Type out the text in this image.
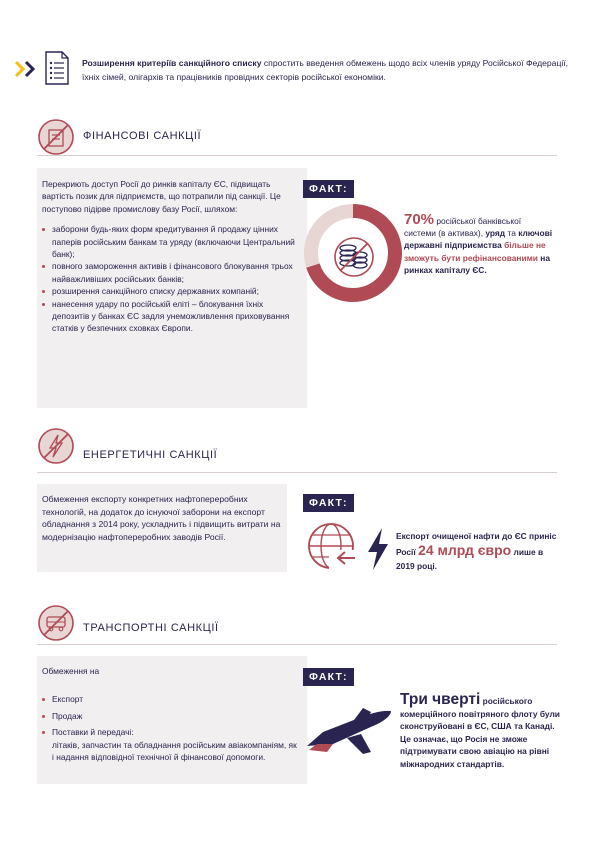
Розширення критеріїв санкційного списку спростить введення обмежень щодо всіх членів уряду Російської Федерації, їхніх сімей, олігархів та працівників провідних секторів російської економіки.

ФІНАНСОВІ САНКЦІЇ

Перекриють доступ Росії до ринків капіталу ЄС, підвищать вартість позик для підприємств, що потрапили під санкції. Це поступово підірве промислову базу Росії, шляхом:

заборони будь-яких форм кредитування й продажу цінних паперів російським банкам та уряду (включаючи Центральний банк);
повного замороження активів і фінансового блокування трьох найважливіших російських банків;
розширення санкційного списку державних компаній;
нанесення удару по російській еліті – блокування їхніх депозитів у банках ЄС задля унеможливлення приховування статків у безпечних сховках Європи.
ФАКТ:

70% російської банківської системи (в активах), уряд та ключові державні підприємства більше не зможуть бути рефінансованими на ринках капіталу ЄС.

ЕНЕРГЕТИЧНІ САНКЦІЇ

Обмеження експорту конкретних нафтопереробних технологій, на додаток до існуючої заборони на експорт обладнання з 2014 року, ускладнить і підвищить витрати на модернізацію нафтопереробних заводів Росії.

ФАКТ:

Експорт очищеної нафти до ЄС приніс Росії 24 млрд євро лише в 2019 році.

ТРАНСПОРТНІ САНКЦІЇ

Обмеження на

Експорт
Продаж
Поставки й передачі:

літаків, запчастин та обладнання російським авіакомпаніям, як і надання відповідної технічної й фінансової допомоги.

ФАКТ:

Три чверті російського комерційного повітряного флоту були сконструйовані в ЄС, США та Канаді. Це означає, що Росія не зможе підтримувати свою авіацію на рівні міжнародних стандартів.
